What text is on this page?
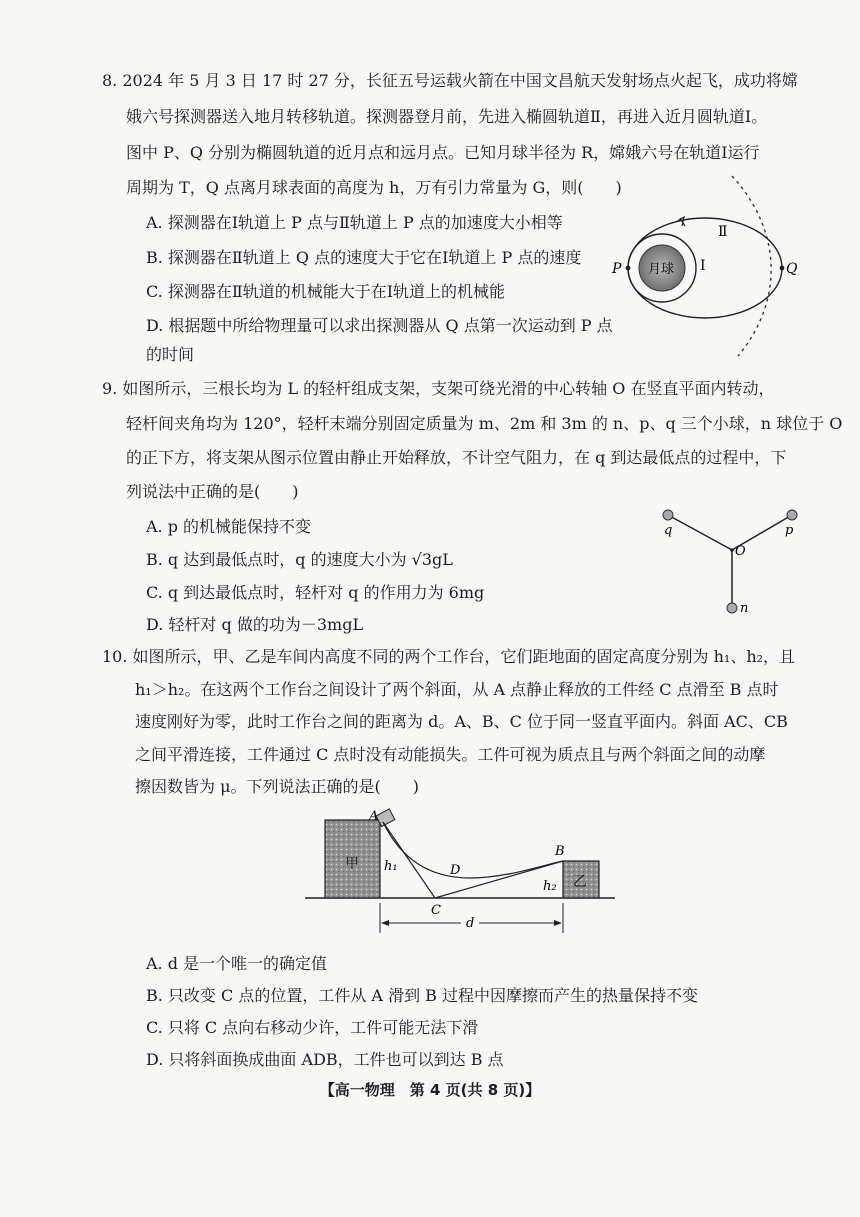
8. 2024 年 5 月 3 日 17 时 27 分，长征五号运载火箭在中国文昌航天发射场点火起飞，成功将嫦
娥六号探测器送入地月转移轨道。探测器登月前，先进入椭圆轨道Ⅱ，再进入近月圆轨道Ⅰ。
图中 P、Q 分别为椭圆轨道的近月点和远月点。已知月球半径为 R，嫦娥六号在轨道Ⅰ运行
周期为 T，Q 点离月球表面的高度为 h，万有引力常量为 G，则(　　)
A. 探测器在Ⅰ轨道上 P 点与Ⅱ轨道上 P 点的加速度大小相等
B. 探测器在Ⅱ轨道上 Q 点的速度大于它在Ⅰ轨道上 P 点的速度
C. 探测器在Ⅱ轨道的机械能大于在Ⅰ轨道上的机械能
D. 根据题中所给物理量可以求出探测器从 Q 点第一次运动到 P 点
的时间
月球
P	Q
Ⅰ
Ⅱ
9. 如图所示，三根长均为 L 的轻杆组成支架，支架可绕光滑的中心转轴 O 在竖直平面内转动，
轻杆间夹角均为 120°，轻杆末端分别固定质量为 m、2m 和 3m 的 n、p、q 三个小球，n 球位于 O
的正下方，将支架从图示位置由静止开始释放，不计空气阻力，在 q 到达最低点的过程中，下
列说法中正确的是(　　)
A. p 的机械能保持不变
B. q 达到最低点时，q 的速度大小为 √3gL
C. q 到达最低点时，轻杆对 q 的作用力为 6mg
D. 轻杆对 q 做的功为－3mgL
q	p
O
n
10. 如图所示，甲、乙是车间内高度不同的两个工作台，它们距地面的固定高度分别为 h₁、h₂，且
h₁＞h₂。在这两个工作台之间设计了两个斜面，从 A 点静止释放的工件经 C 点滑至 B 点时
速度刚好为零，此时工作台之间的距离为 d。A、B、C 位于同一竖直平面内。斜面 AC、CB
之间平滑连接，工件通过 C 点时没有动能损失。工件可视为质点且与两个斜面之间的动摩
擦因数皆为 μ。下列说法正确的是(　　)
甲
乙
A
B
C
D
h₁
h₂
d
A. d 是一个唯一的确定值
B. 只改变 C 点的位置，工件从 A 滑到 B 过程中因摩擦而产生的热量保持不变
C. 只将 C 点向右移动少许，工件可能无法下滑
D. 只将斜面换成曲面 ADB，工件也可以到达 B 点
【高一物理　第 4 页(共 8 页)】
